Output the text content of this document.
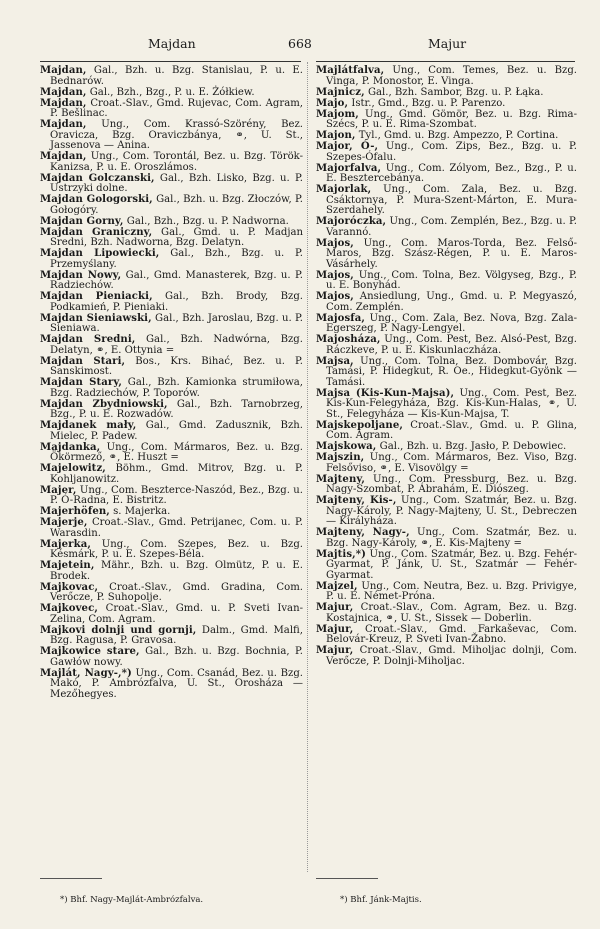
Majdan	668	Majur

Majdan, Gal., Bzh. u. Bzg. Stanislau, P. u. E. Bednarów.

Majdan, Gal., Bzh., Bzg., P. u. E. Żółkiew.

Majdan, Croat.-Slav., Gmd. Rujevac, Com. Agram, P. Bešlinac.

Majdan, Ung., Com. Krassó-Szörény, Bez. Oravicza, Bzg. Oraviczbánya, ⚭, U. St., Jassenova — Anina.

Majdan, Ung., Com. Torontál, Bez. u. Bzg. Török-Kanizsa, P. u. E. Oroszlámos.

Majdan Golczanski, Gal., Bzh. Lisko, Bzg. u. P. Ustrzyki dolne.

Majdan Gologorski, Gal., Bzh. u. Bzg. Złoczów, P. Gołogóry.

Majdan Gorny, Gal., Bzh., Bzg. u. P. Nadworna.

Majdan Graniczny, Gal., Gmd. u. P. Madjan Sredni, Bzh. Nadworna, Bzg. Delatyn.

Majdan Lipowiecki, Gal., Bzh., Bzg. u. P. Przemyślany.

Majdan Nowy, Gal., Gmd. Manasterek, Bzg. u. P. Radziechów.

Majdan Pieniacki, Gal., Bzh. Brody, Bzg. Podkamień, P. Pieniaki.

Majdan Sieniawski, Gal., Bzh. Jaroslau, Bzg. u. P. Sieniawa.

Majdan Sredni, Gal., Bzh. Nadwórna, Bzg. Delatyn, ⚭, E. Ottynia =

Majdan Stari, Bos., Krs. Bihać, Bez. u. P. Sanskimost.

Majdan Stary, Gal., Bzh. Kamionka strumiłowa, Bzg. Radziechów, P. Toporów.

Majdan Zbydniowski, Gal., Bzh. Tarnobrzeg, Bzg., P. u. E. Rozwadów.

Majdanek mały, Gal., Gmd. Zadusznik, Bzh. Mielec, P. Padew.

Majdanka, Ung., Com. Mármaros, Bez. u. Bzg. Ökörmező, ⚭, E. Huszt =

Majelowitz, Böhm., Gmd. Mitrov, Bzg. u. P. Kohljanowitz.

Majer, Ung., Com. Beszterce-Naszód, Bez., Bzg. u. P. Ó-Radna, E. Bistritz.

Majerhöfen, s. Majerka.

Majerje, Croat.-Slav., Gmd. Petrijanec, Com. u. P. Warasdin.

Majerka, Ung., Com. Szepes, Bez. u. Bzg. Késmárk, P. u. E. Szepes-Béla.

Majetein, Mähr., Bzh. u. Bzg. Olmütz, P. u. E. Brodek.

Majkovac, Croat.-Slav., Gmd. Gradina, Com. Verőcze, P. Suhopolje.

Majkovec, Croat.-Slav., Gmd. u. P. Sveti Ivan-Zelina, Com. Agram.

Majkovi dolnji und gornji, Dalm., Gmd. Malfi, Bzg. Ragusa, P. Gravosa.

Majkowice stare, Gal., Bzh. u. Bzg. Bochnia, P. Gawłów nowy.

Majlát, Nagy-,*) Ung., Com. Csanád, Bez. u. Bzg. Makó, P. Ambrózfalva, U. St., Orosháza — Mezőhegyes.

Majlátfalva, Ung., Com. Temes, Bez. u. Bzg. Vinga, P. Monostor, E. Vinga.

Majnicz, Gal., Bzh. Sambor, Bzg. u. P. Łąka.

Majo, Istr., Gmd., Bzg. u. P. Parenzo.

Majom, Ung., Gmd. Gömör, Bez. u. Bzg. Rima-Szécs, P. u. E. Rima-Szombat.

Majon, Tyl., Gmd. u. Bzg. Ampezzo, P. Cortina.

Major, Ó-, Ung., Com. Zips, Bez., Bzg. u. P. Szepes-Ófalu.

Majorfalva, Ung., Com. Zólyom, Bez., Bzg., P. u. E. Besztercebánya.

Majorlak, Ung., Com. Zala, Bez. u. Bzg. Csáktornya, P. Mura-Szent-Márton, E. Mura-Szerdahely.

Majoróczka, Ung., Com. Zemplén, Bez., Bzg. u. P. Varannó.

Majos, Ung., Com. Maros-Torda, Bez. Felső-Maros, Bzg. Szász-Régen, P. u. E. Maros-Vásárhely.

Majos, Ung., Com. Tolna, Bez. Völgyseg, Bzg., P. u. E. Bonyhád.

Majos, Ansiedlung, Ung., Gmd. u. P. Megyaszó, Com. Zemplén.

Majosfa, Ung., Com. Zala, Bez. Nova, Bzg. Zala-Egerszeg, P. Nagy-Lengyel.

Majosháza, Ung., Com. Pest, Bez. Alsó-Pest, Bzg. Ráczkeve, P. u. E. Kiskunlaczháza.

Majsa, Ung., Com. Tolna, Bez. Dombovár, Bzg. Tamási, P. Hidegkut, R. Oe., Hidegkut-Gyönk — Tamási.

Majsa (Kis-Kun-Majsa), Ung., Com. Pest, Bez. Kis-Kun-Felegyháza, Bzg. Kis-Kun-Halas, ⚭, U. St., Felegyháza — Kis-Kun-Majsa, T.

Majskepoljane, Croat.-Slav., Gmd. u. P. Glina, Com. Agram.

Majskowa, Gal., Bzh. u. Bzg. Jasło, P. Debowiec.

Majszin, Ung., Com. Mármaros, Bez. Viso, Bzg. Felsőviso, ⚭, E. Visovölgy =

Majteny, Ung., Com. Pressburg, Bez. u. Bzg. Nagy-Szombat, P. Ábrahám, E. Diószeg.

Majteny, Kis-, Ung., Com. Szatmár, Bez. u. Bzg. Nagy-Károly, P. Nagy-Majteny, U. St., Debreczen — Királyháza.

Majteny, Nagy-, Ung., Com. Szatmár, Bez. u. Bzg. Nagy-Károly, ⚭, E. Kis-Majteny =

Majtis,*) Ung., Com. Szatmár, Bez. u. Bzg. Fehér-Gyarmat, P. Jánk, U. St., Szatmár — Fehér-Gyarmat.

Majzel, Ung., Com. Neutra, Bez. u. Bzg. Privigye, P. u. E. Német-Próna.

Majur, Croat.-Slav., Com. Agram, Bez. u. Bzg. Kostajnica, ⚭, U. St., Sissek — Doberlin.

Majur, Croat.-Slav., Gmd. Farkaševac, Com. Belovár-Kreuz, P. Sveti Ivan-Žabno.

Majur, Croat.-Slav., Gmd. Miholjac dolnji, Com. Verőcze, P. Dolnji-Miholjac.

*) Bhf. Nagy-Majlát-Ambrózfalva.	*) Bhf. Jánk-Majtis.
